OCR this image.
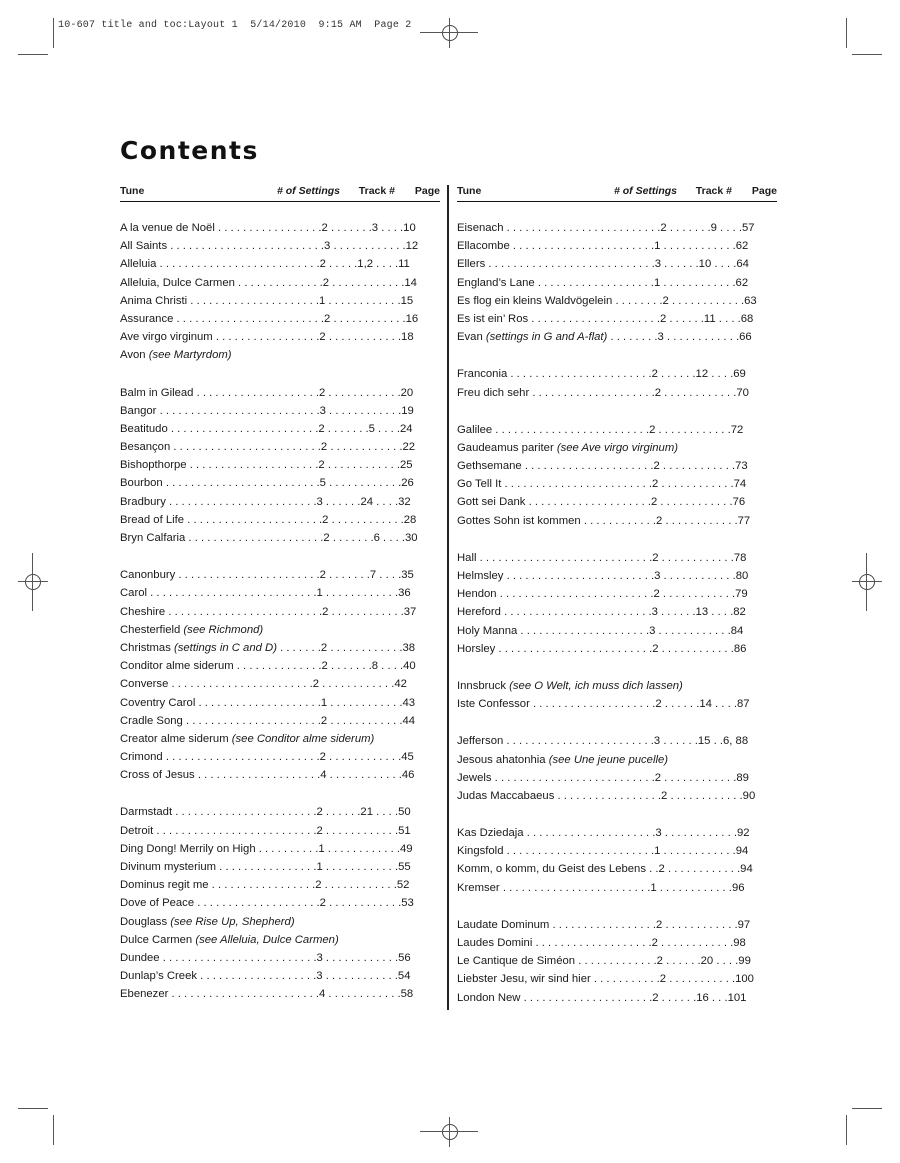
10-607 title and toc:Layout 1  5/14/2010  9:15 AM  Page 2
Contents
Tune	# of Settings Track # Page
A la venue de Noël . . . . . . . . . . . . . . . . .2 . . . . . . .3 . . . .10
All Saints . . . . . . . . . . . . . . . . . . . . . . . . .3 . . . . . . . . . . . .12
Alleluia . . . . . . . . . . . . . . . . . . . . . . . . . .2 . . . . .1,2 . . . .11
Alleluia, Dulce Carmen . . . . . . . . . . . . . .2 . . . . . . . . . . . .14
Anima Christi . . . . . . . . . . . . . . . . . . . . .1 . . . . . . . . . . . .15
Assurance . . . . . . . . . . . . . . . . . . . . . . . .2 . . . . . . . . . . . .16
Ave virgo virginum . . . . . . . . . . . . . . . . .2 . . . . . . . . . . . .18
Avon (see Martyrdom)
Balm in Gilead . . . . . . . . . . . . . . . . . . . .2 . . . . . . . . . . . .20
Bangor . . . . . . . . . . . . . . . . . . . . . . . . . .3 . . . . . . . . . . . .19
Beatitudo . . . . . . . . . . . . . . . . . . . . . . . .2 . . . . . . .5 . . . .24
Besançon . . . . . . . . . . . . . . . . . . . . . . . .2 . . . . . . . . . . . .22
Bishopthorpe . . . . . . . . . . . . . . . . . . . . .2 . . . . . . . . . . . .25
Bourbon . . . . . . . . . . . . . . . . . . . . . . . . .5 . . . . . . . . . . . .26
Bradbury . . . . . . . . . . . . . . . . . . . . . . . .3 . . . . . .24 . . . .32
Bread of Life . . . . . . . . . . . . . . . . . . . . . .2 . . . . . . . . . . . .28
Bryn Calfaria . . . . . . . . . . . . . . . . . . . . . .2 . . . . . . .6 . . . .30
Canonbury . . . . . . . . . . . . . . . . . . . . . . .2 . . . . . . .7 . . . .35
Carol . . . . . . . . . . . . . . . . . . . . . . . . . . .1 . . . . . . . . . . . .36
Cheshire . . . . . . . . . . . . . . . . . . . . . . . . .2 . . . . . . . . . . . .37
Chesterfield (see Richmond)
Christmas (settings in C and D) . . . . . . .2 . . . . . . . . . . . .38
Conditor alme siderum . . . . . . . . . . . . . .2 . . . . . . .8 . . . .40
Converse . . . . . . . . . . . . . . . . . . . . . . .2 . . . . . . . . . . . .42
Coventry Carol . . . . . . . . . . . . . . . . . . . .1 . . . . . . . . . . . .43
Cradle Song . . . . . . . . . . . . . . . . . . . . . .2 . . . . . . . . . . . .44
Creator alme siderum (see Conditor alme siderum)
Crimond . . . . . . . . . . . . . . . . . . . . . . . . .2 . . . . . . . . . . . .45
Cross of Jesus . . . . . . . . . . . . . . . . . . . .4 . . . . . . . . . . . .46
Darmstadt . . . . . . . . . . . . . . . . . . . . . . .2 . . . . . .21 . . . .50
Detroit . . . . . . . . . . . . . . . . . . . . . . . . . .2 . . . . . . . . . . . .51
Ding Dong! Merrily on High . . . . . . . . . .1 . . . . . . . . . . . .49
Divinum mysterium . . . . . . . . . . . . . . . .1 . . . . . . . . . . . .55
Dominus regit me . . . . . . . . . . . . . . . . .2 . . . . . . . . . . . .52
Dove of Peace . . . . . . . . . . . . . . . . . . . .2 . . . . . . . . . . . .53
Douglass (see Rise Up, Shepherd)
Dulce Carmen (see Alleluia, Dulce Carmen)
Dundee . . . . . . . . . . . . . . . . . . . . . . . . .3 . . . . . . . . . . . .56
Dunlap’s Creek . . . . . . . . . . . . . . . . . . .3 . . . . . . . . . . . .54
Ebenezer . . . . . . . . . . . . . . . . . . . . . . . .4 . . . . . . . . . . . .58
Tune	# of Settings Track # Page
Eisenach . . . . . . . . . . . . . . . . . . . . . . . . .2 . . . . . . .9 . . . .57
Ellacombe . . . . . . . . . . . . . . . . . . . . . . .1 . . . . . . . . . . . .62
Ellers . . . . . . . . . . . . . . . . . . . . . . . . . . .3 . . . . . .10 . . . .64
England’s Lane . . . . . . . . . . . . . . . . . . .1 . . . . . . . . . . . .62
Es flog ein kleins Waldvögelein . . . . . . . .2 . . . . . . . . . . . .63
Es ist ein’ Ros . . . . . . . . . . . . . . . . . . . . .2 . . . . . .11 . . . .68
Evan (settings in G and A-flat) . . . . . . . .3 . . . . . . . . . . . .66
Franconia . . . . . . . . . . . . . . . . . . . . . . .2 . . . . . .12 . . . .69
Freu dich sehr . . . . . . . . . . . . . . . . . . . .2 . . . . . . . . . . . .70
Galilee . . . . . . . . . . . . . . . . . . . . . . . . .2 . . . . . . . . . . . .72
Gaudeamus pariter (see Ave virgo virginum)
Gethsemane . . . . . . . . . . . . . . . . . . . . .2 . . . . . . . . . . . .73
Go Tell It . . . . . . . . . . . . . . . . . . . . . . . .2 . . . . . . . . . . . .74
Gott sei Dank . . . . . . . . . . . . . . . . . . . .2 . . . . . . . . . . . .76
Gottes Sohn ist kommen . . . . . . . . . . . .2 . . . . . . . . . . . .77
Hall . . . . . . . . . . . . . . . . . . . . . . . . . . . .2 . . . . . . . . . . . .78
Helmsley . . . . . . . . . . . . . . . . . . . . . . . .3 . . . . . . . . . . . .80
Hendon . . . . . . . . . . . . . . . . . . . . . . . . .2 . . . . . . . . . . . .79
Hereford . . . . . . . . . . . . . . . . . . . . . . . .3 . . . . . .13 . . . .82
Holy Manna . . . . . . . . . . . . . . . . . . . . .3 . . . . . . . . . . . .84
Horsley . . . . . . . . . . . . . . . . . . . . . . . . .2 . . . . . . . . . . . .86
Innsbruck (see O Welt, ich muss dich lassen)
Iste Confessor . . . . . . . . . . . . . . . . . . . .2 . . . . . .14 . . . .87
Jefferson . . . . . . . . . . . . . . . . . . . . . . . .3 . . . . . .15 . .6, 88
Jesous ahatonhia (see Une jeune pucelle)
Jewels . . . . . . . . . . . . . . . . . . . . . . . . . .2 . . . . . . . . . . . .89
Judas Maccabaeus . . . . . . . . . . . . . . . . .2 . . . . . . . . . . . .90
Kas Dziedaja . . . . . . . . . . . . . . . . . . . . .3 . . . . . . . . . . . .92
Kingsfold . . . . . . . . . . . . . . . . . . . . . . . .1 . . . . . . . . . . . .94
Komm, o komm, du Geist des Lebens . .2 . . . . . . . . . . . .94
Kremser . . . . . . . . . . . . . . . . . . . . . . . .1 . . . . . . . . . . . .96
Laudate Dominum . . . . . . . . . . . . . . . . .2 . . . . . . . . . . . .97
Laudes Domini . . . . . . . . . . . . . . . . . . .2 . . . . . . . . . . . .98
Le Cantique de Siméon . . . . . . . . . . . . .2 . . . . . .20 . . . .99
Liebster Jesu, wir sind hier . . . . . . . . . . .2 . . . . . . . . . . .100
London New . . . . . . . . . . . . . . . . . . . . .2 . . . . . .16 . . .101
